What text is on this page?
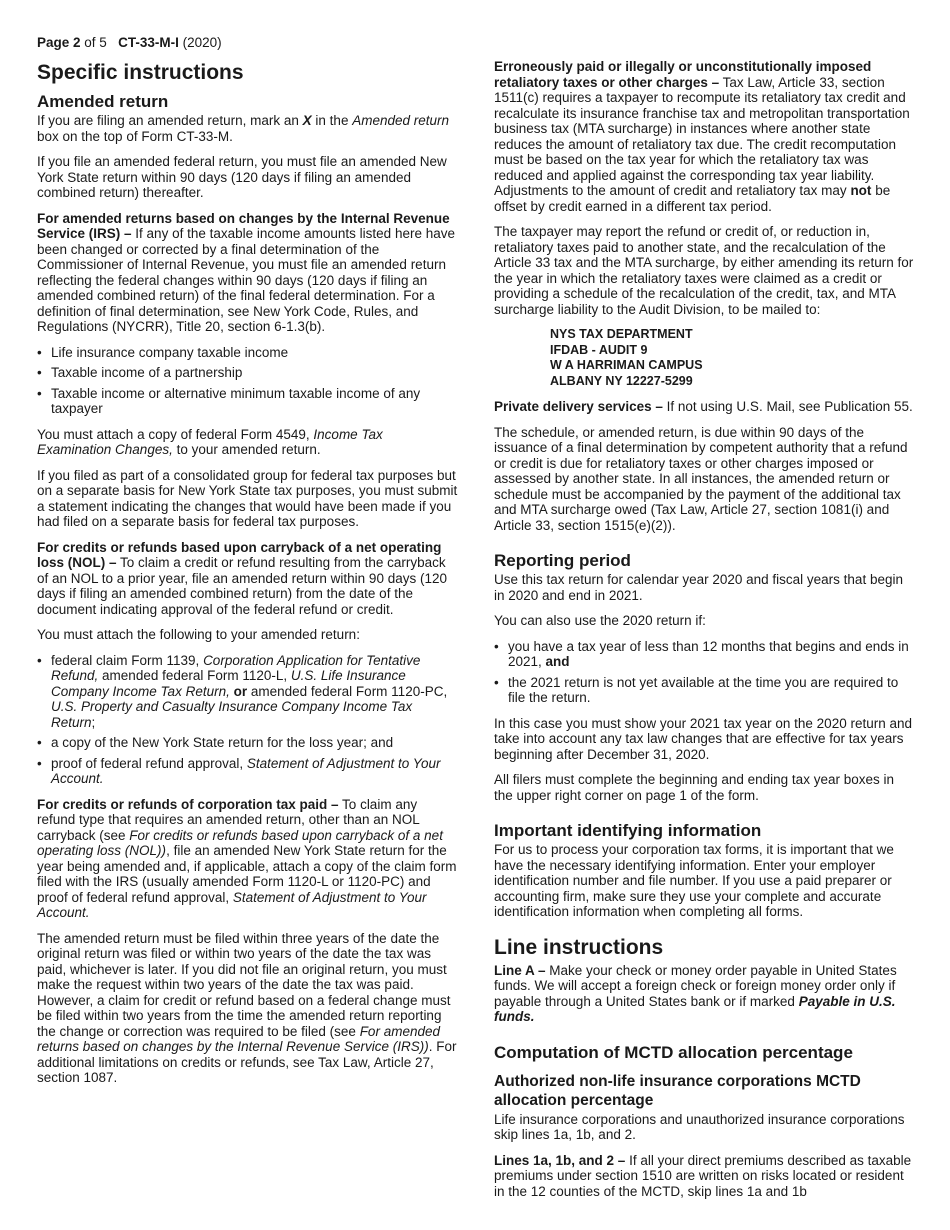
Page 2 of 5 CT-33-M-I (2020)
Specific instructions
Amended return

If you are filing an amended return, mark an X in the Amended return box on the top of Form CT-33-M.

If you file an amended federal return, you must file an amended New York State return within 90 days (120 days if filing an amended combined return) thereafter.

For amended returns based on changes by the Internal Revenue Service (IRS) – If any of the taxable income amounts listed here have been changed or corrected by a final determination of the Commissioner of Internal Revenue, you must file an amended return reflecting the federal changes within 90 days (120 days if filing an amended combined return) of the final federal determination. For a definition of final determination, see New York Code, Rules, and Regulations (NYCRR), Title 20, section 6-1.3(b).

• Life insurance company taxable income
• Taxable income of a partnership
• Taxable income or alternative minimum taxable income of any taxpayer

You must attach a copy of federal Form 4549, Income Tax Examination Changes, to your amended return.

If you filed as part of a consolidated group for federal tax purposes but on a separate basis for New York State tax purposes, you must submit a statement indicating the changes that would have been made if you had filed on a separate basis for federal tax purposes.

For credits or refunds based upon carryback of a net operating loss (NOL) – To claim a credit or refund resulting from the carryback of an NOL to a prior year, file an amended return within 90 days (120 days if filing an amended combined return) from the date of the document indicating approval of the federal refund or credit.

You must attach the following to your amended return:

• federal claim Form 1139, Corporation Application for Tentative Refund, amended federal Form 1120-L, U.S. Life Insurance Company Income Tax Return, or amended federal Form 1120-PC, U.S. Property and Casualty Insurance Company Income Tax Return;
• a copy of the New York State return for the loss year; and
• proof of federal refund approval, Statement of Adjustment to Your Account.

For credits or refunds of corporation tax paid – To claim any refund type that requires an amended return, other than an NOL carryback (see For credits or refunds based upon carryback of a net operating loss (NOL)), file an amended New York State return for the year being amended and, if applicable, attach a copy of the claim form filed with the IRS (usually amended Form 1120-L or 1120-PC) and proof of federal refund approval, Statement of Adjustment to Your Account.

The amended return must be filed within three years of the date the original return was filed or within two years of the date the tax was paid, whichever is later. If you did not file an original return, you must make the request within two years of the date the tax was paid. However, a claim for credit or refund based on a federal change must be filed within two years from the time the amended return reporting the change or correction was required to be filed (see For amended returns based on changes by the Internal Revenue Service (IRS)). For additional limitations on credits or refunds, see Tax Law, Article 27, section 1087.

Erroneously paid or illegally or unconstitutionally imposed retaliatory taxes or other charges – Tax Law, Article 33, section 1511(c) requires a taxpayer to recompute its retaliatory tax credit and recalculate its insurance franchise tax and metropolitan transportation business tax (MTA surcharge) in instances where another state reduces the amount of retaliatory tax due. The credit recomputation must be based on the tax year for which the retaliatory tax was reduced and applied against the corresponding tax year liability. Adjustments to the amount of credit and retaliatory tax may not be offset by credit earned in a different tax period.

The taxpayer may report the refund or credit of, or reduction in, retaliatory taxes paid to another state, and the recalculation of the Article 33 tax and the MTA surcharge, by either amending its return for the year in which the retaliatory taxes were claimed as a credit or providing a schedule of the recalculation of the credit, tax, and MTA surcharge liability to the Audit Division, to be mailed to:

NYS TAX DEPARTMENT
IFDAB - AUDIT 9
W A HARRIMAN CAMPUS
ALBANY NY 12227-5299

Private delivery services – If not using U.S. Mail, see Publication 55.

The schedule, or amended return, is due within 90 days of the issuance of a final determination by competent authority that a refund or credit is due for retaliatory taxes or other charges imposed or assessed by another state. In all instances, the amended return or schedule must be accompanied by the payment of the additional tax and MTA surcharge owed (Tax Law, Article 27, section 1081(i) and Article 33, section 1515(e)(2)).

Reporting period

Use this tax return for calendar year 2020 and fiscal years that begin in 2020 and end in 2021.

You can also use the 2020 return if:

• you have a tax year of less than 12 months that begins and ends in 2021, and
• the 2021 return is not yet available at the time you are required to file the return.

In this case you must show your 2021 tax year on the 2020 return and take into account any tax law changes that are effective for tax years beginning after December 31, 2020.

All filers must complete the beginning and ending tax year boxes in the upper right corner on page 1 of the form.

Important identifying information

For us to process your corporation tax forms, it is important that we have the necessary identifying information. Enter your employer identification number and file number. If you use a paid preparer or accounting firm, make sure they use your complete and accurate identification information when completing all forms.

Line instructions

Line A – Make your check or money order payable in United States funds. We will accept a foreign check or foreign money order only if payable through a United States bank or if marked Payable in U.S. funds.

Computation of MCTD allocation percentage
Authorized non-life insurance corporations MCTD allocation percentage

Life insurance corporations and unauthorized insurance corporations skip lines 1a, 1b, and 2.

Lines 1a, 1b, and 2 – If all your direct premiums described as taxable premiums under section 1510 are written on risks located or resident in the 12 counties of the MCTD, skip lines 1a and 1b
